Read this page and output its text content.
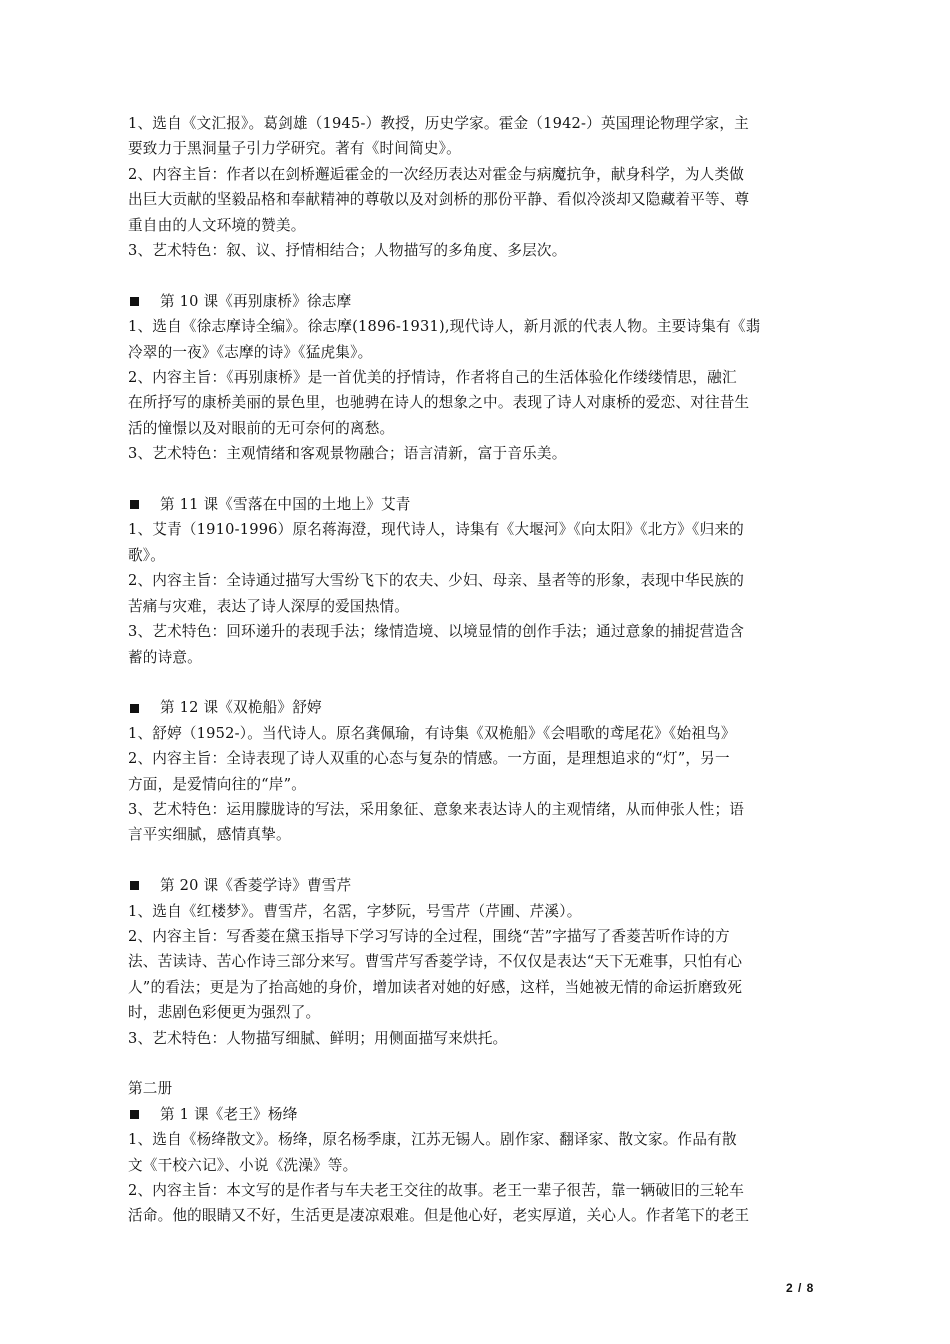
1、选自《文汇报》。葛剑雄（1945-）教授，历史学家。霍金（1942-）英国理论物理学家，主

要致力于黑洞量子引力学研究。著有《时间简史》。

2、内容主旨：作者以在剑桥邂逅霍金的一次经历表达对霍金与病魔抗争，献身科学，为人类做

出巨大贡献的坚毅品格和奉献精神的尊敬以及对剑桥的那份平静、看似冷淡却又隐藏着平等、尊

重自由的人文环境的赞美。

3、艺术特色：叙、议、抒情相结合；人物描写的多角度、多层次。

第 10 课《再别康桥》徐志摩

1、选自《徐志摩诗全编》。徐志摩(1896-1931),现代诗人，新月派的代表人物。主要诗集有《翡

冷翠的一夜》《志摩的诗》《猛虎集》。

2、内容主旨：《再别康桥》是一首优美的抒情诗，作者将自己的生活体验化作缕缕情思，融汇

在所抒写的康桥美丽的景色里，也驰骋在诗人的想象之中。表现了诗人对康桥的爱恋、对往昔生

活的憧憬以及对眼前的无可奈何的离愁。

3、艺术特色：主观情绪和客观景物融合；语言清新，富于音乐美。

第 11 课《雪落在中国的土地上》艾青

1、艾青（1910-1996）原名蒋海澄，现代诗人，诗集有《大堰河》《向太阳》《北方》《归来的

歌》。

2、内容主旨：全诗通过描写大雪纷飞下的农夫、少妇、母亲、垦者等的形象，表现中华民族的

苦痛与灾难，表达了诗人深厚的爱国热情。

3、艺术特色：回环递升的表现手法；缘情造境、以境显情的创作手法；通过意象的捕捉营造含

蓄的诗意。

第 12 课《双桅船》舒婷

1、舒婷（1952-）。当代诗人。原名龚佩瑜，有诗集《双桅船》《会唱歌的鸢尾花》《始祖鸟》

2、内容主旨：全诗表现了诗人双重的心态与复杂的情感。一方面，是理想追求的“灯”，另一

方面，是爱情向往的“岸”。

3、艺术特色：运用朦胧诗的写法，采用象征、意象来表达诗人的主观情绪，从而伸张人性；语

言平实细腻，感情真挚。

第 20 课《香菱学诗》曹雪芹

1、选自《红楼梦》。曹雪芹，名霑，字梦阮，号雪芹（芹圃、芹溪）。

2、内容主旨：写香菱在黛玉指导下学习写诗的全过程，围绕“苦”字描写了香菱苦听作诗的方

法、苦读诗、苦心作诗三部分来写。曹雪芹写香菱学诗，不仅仅是表达“天下无难事，只怕有心

人”的看法；更是为了抬高她的身价，增加读者对她的好感，这样，当她被无情的命运折磨致死

时，悲剧色彩便更为强烈了。

3、艺术特色：人物描写细腻、鲜明；用侧面描写来烘托。

第二册

第 1 课《老王》杨绛

1、选自《杨绛散文》。杨绛，原名杨季康，江苏无锡人。剧作家、翻译家、散文家。作品有散

文《干校六记》、小说《洗澡》等。

2、内容主旨：本文写的是作者与车夫老王交往的故事。老王一辈子很苦，靠一辆破旧的三轮车

活命。他的眼睛又不好，生活更是凄凉艰难。但是他心好，老实厚道，关心人。作者笔下的老王

2 / 8
